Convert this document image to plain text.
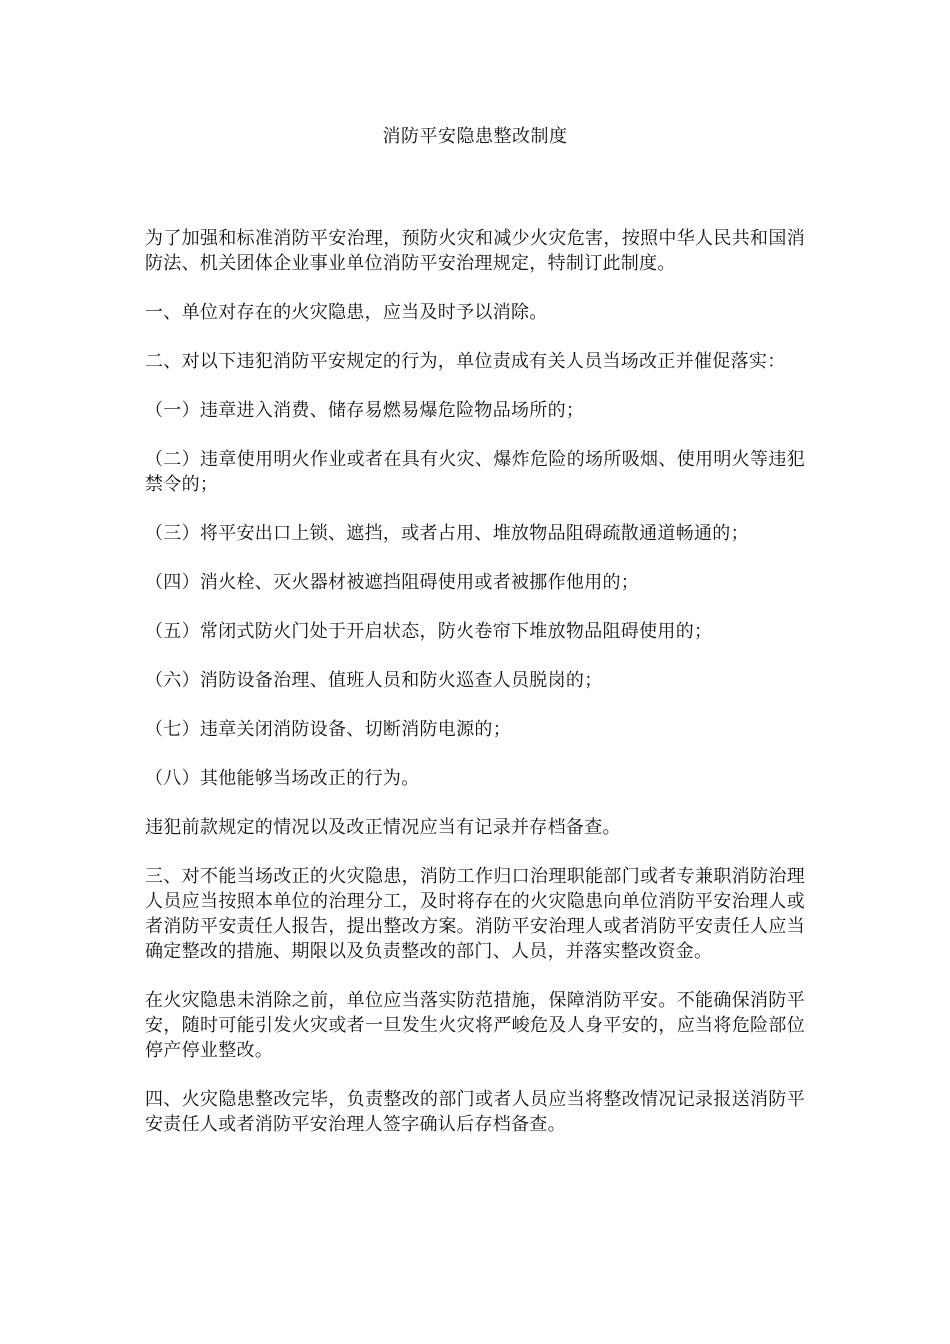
消防平安隐患整改制度

为了加强和标准消防平安治理，预防火灾和减少火灾危害，按照中华人民共和国消防法、机关团体企业事业单位消防平安治理规定，特制订此制度。

一、单位对存在的火灾隐患，应当及时予以消除。

二、对以下违犯消防平安规定的行为，单位责成有关人员当场改正并催促落实：

（一）违章进入消费、储存易燃易爆危险物品场所的；

（二）违章使用明火作业或者在具有火灾、爆炸危险的场所吸烟、使用明火等违犯禁令的；

（三）将平安出口上锁、遮挡，或者占用、堆放物品阻碍疏散通道畅通的；

（四）消火栓、灭火器材被遮挡阻碍使用或者被挪作他用的；

（五）常闭式防火门处于开启状态，防火卷帘下堆放物品阻碍使用的；

（六）消防设备治理、值班人员和防火巡查人员脱岗的；

（七）违章关闭消防设备、切断消防电源的；

（八）其他能够当场改正的行为。

违犯前款规定的情况以及改正情况应当有记录并存档备查。

三、对不能当场改正的火灾隐患，消防工作归口治理职能部门或者专兼职消防治理人员应当按照本单位的治理分工，及时将存在的火灾隐患向单位消防平安治理人或者消防平安责任人报告，提出整改方案。消防平安治理人或者消防平安责任人应当确定整改的措施、期限以及负责整改的部门、人员，并落实整改资金。

在火灾隐患未消除之前，单位应当落实防范措施，保障消防平安。不能确保消防平安，随时可能引发火灾或者一旦发生火灾将严峻危及人身平安的，应当将危险部位停产停业整改。

四、火灾隐患整改完毕，负责整改的部门或者人员应当将整改情况记录报送消防平安责任人或者消防平安治理人签字确认后存档备查。
